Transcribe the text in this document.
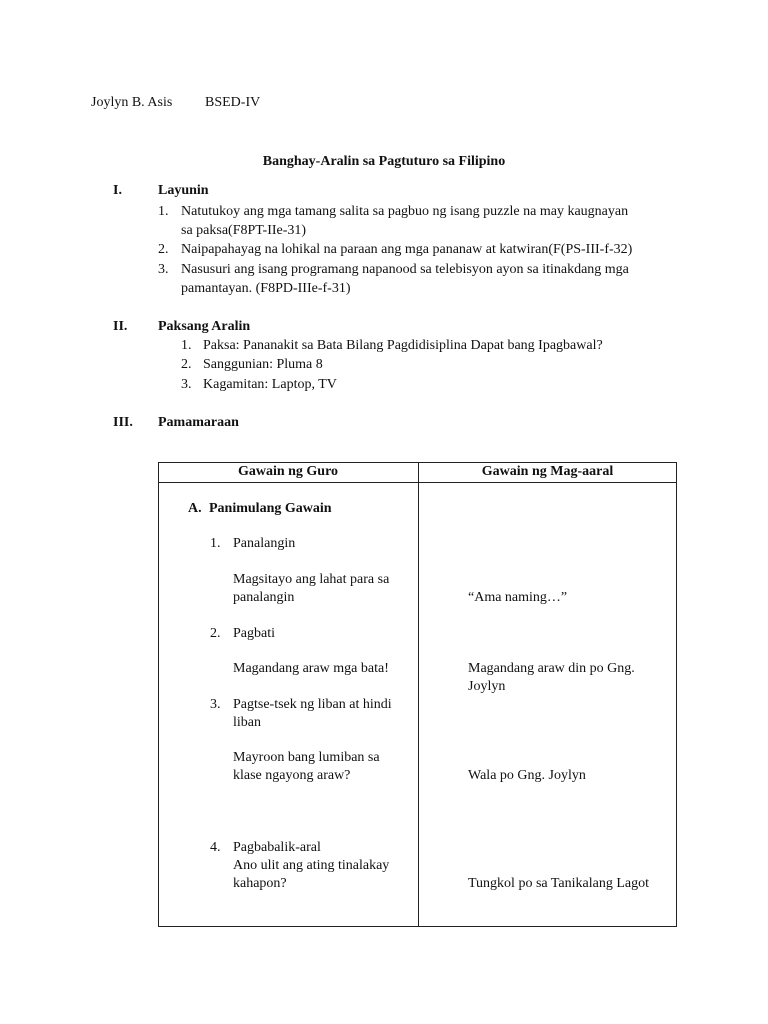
Joylyn B. Asis BSED-IV
Banghay-Aralin sa Pagtuturo sa Filipino
I.	Layunin
1. Natutukoy ang mga tamang salita sa pagbuo ng isang puzzle na may kaugnayan
sa paksa(F8PT-IIe-31)
2. Naipapahayag na lohikal na paraan ang mga pananaw at katwiran(F(PS-III-f-32)
3. Nasusuri ang isang programang napanood sa telebisyon ayon sa itinakdang mga
pamantayan. (F8PD-IIIe-f-31)
II. Paksang Aralin
1. Paksa: Pananakit sa Bata Bilang Pagdidisiplina Dapat bang Ipagbawal?
2. Sanggunian: Pluma 8
3. Kagamitan: Laptop, TV
III. Pamamaraan
Gawain ng Guro	Gawain ng Mag-aaral
A. Panimulang Gawain
1. Panalangin
Magsitayo ang lahat para sa
panalangin	“Ama naming…”
2. Pagbati
Magandang araw mga bata!	Magandang araw din po Gng.
Joylyn
3. Pagtse-tsek ng liban at hindi
liban
Mayroon bang lumiban sa
klase ngayong araw?	Wala po Gng. Joylyn
4. Pagbabalik-aral
Ano ulit ang ating tinalakay
kahapon?	Tungkol po sa Tanikalang Lagot
